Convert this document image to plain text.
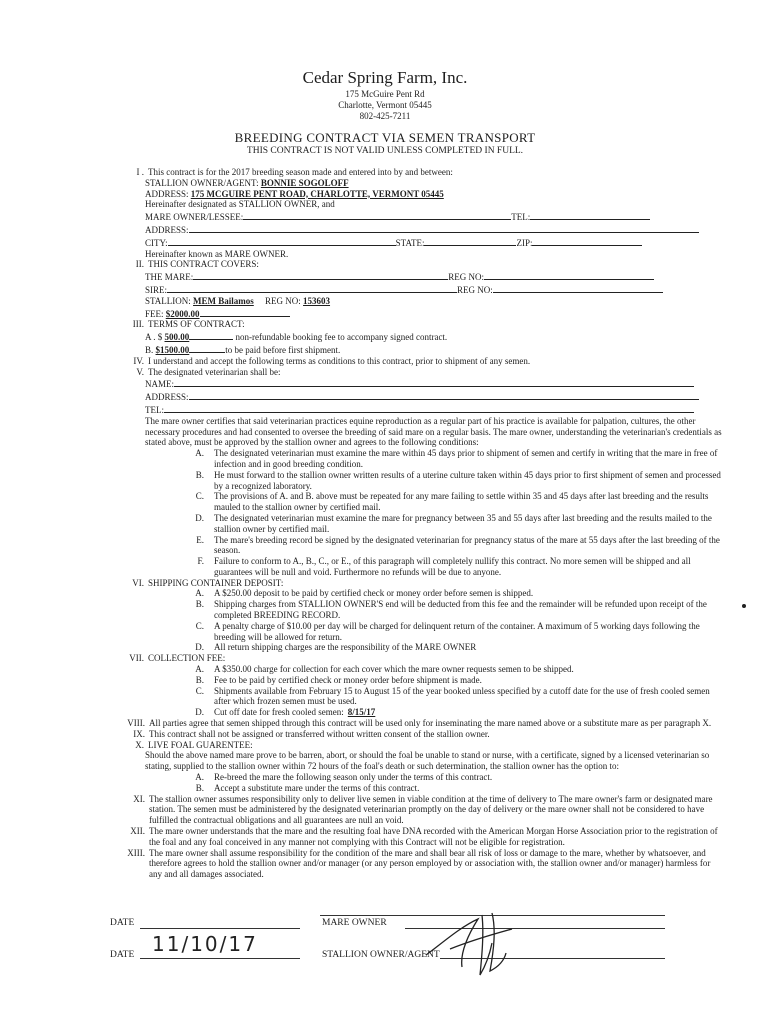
Cedar Spring Farm, Inc.
175 McGuire Pent Rd
Charlotte, Vermont 05445
802-425-7211
BREEDING CONTRACT VIA SEMEN TRANSPORT
THIS CONTRACT IS NOT VALID UNLESS COMPLETED IN FULL.
I . This contract is for the 2017 breeding season made and entered into by and between:
STALLION OWNER/AGENT: BONNIE SOGOLOFF
ADDRESS: 175 MCGUIRE PENT ROAD, CHARLOTTE, VERMONT 05445
Hereinafter designated as STALLION OWNER, and
MARE OWNER/LESSEE:	TEL:
ADDRESS:
CITY:	STATE:	ZIP:
Hereinafter known as MARE OWNER.
II. THIS CONTRACT COVERS:
THE MARE:	REG NO:
SIRE:	REG NO:
STALLION: MEM Bailamos REG NO: 153603
FEE: $2000.00
III. TERMS OF CONTRACT:
A . $ 500.00	non-refundable booking fee to accompany signed contract.
B. $1500.00	to be paid before first shipment.
IV. I understand and accept the following terms as conditions to this contract, prior to shipment of any semen.
V. The designated veterinarian shall be:
NAME:
ADDRESS:
TEL:
The mare owner certifies that said veterinarian practices equine reproduction as a regular part of his practice is available for palpation, cultures, the other necessary procedures and had consented to oversee the breeding of said mare on a regular basis. The mare owner, understanding the veterinarian's credentials as stated above, must be approved by the stallion owner and agrees to the following conditions:
A.	The designated veterinarian must examine the mare within 45 days prior to shipment of semen and certify in writing that the mare in free of infection and in good breeding condition.
B.	He must forward to the stallion owner written results of a uterine culture taken within 45 days prior to first shipment of semen and processed by a recognized laboratory.
C.	The provisions of A. and B. above must be repeated for any mare failing to settle within 35 and 45 days after last breeding and the results mauled to the stallion owner by certified mail.
D.	The designated veterinarian must examine the mare for pregnancy between 35 and 55 days after last breeding and the results mailed to the stallion owner by certified mail.
E.	The mare's breeding record be signed by the designated veterinarian for pregnancy status of the mare at 55 days after the last breeding of the season.
F.	Failure to conform to A., B., C., or E., of this paragraph will completely nullify this contract. No more semen will be shipped and all guarantees will be null and void. Furthermore no refunds will be due to anyone.
VI. SHIPPING CONTAINER DEPOSIT:
A.	A $250.00 deposit to be paid by certified check or money order before semen is shipped.
B.	Shipping charges from STALLION OWNER'S end will be deducted from this fee and the remainder will be refunded upon receipt of the completed BREEDING RECORD.
C.	A penalty charge of $10.00 per day will be charged for delinquent return of the container. A maximum of 5 working days following the breeding will be allowed for return.
D.	All return shipping charges are the responsibility of the MARE OWNER
VII. COLLECTION FEE:
A.	A $350.00 charge for collection for each cover which the mare owner requests semen to be shipped.
B.	Fee to be paid by certified check or money order before shipment is made.
C.	Shipments available from February 15 to August 15 of the year booked unless specified by a cutoff date for the use of fresh cooled semen after which frozen semen must be used.
D.	Cut off date for fresh cooled semen: 8/15/17
VIII. All parties agree that semen shipped through this contract will be used only for inseminating the mare named above or a substitute mare as per paragraph X.
IX. This contract shall not be assigned or transferred without written consent of the stallion owner.
X. LIVE FOAL GUARENTEE:
Should the above named mare prove to be barren, abort, or should the foal be unable to stand or nurse, with a certificate, signed by a licensed veterinarian so stating, supplied to the stallion owner within 72 hours of the foal's death or such determination, the stallion owner has the option to:
A.	Re-breed the mare the following season only under the terms of this contract.
B.	Accept a substitute mare under the terms of this contract.
XI. The stallion owner assumes responsibility only to deliver live semen in viable condition at the time of delivery to The mare owner's farm or designated mare station. The semen must be administered by the designated veterinarian promptly on the day of delivery or the mare owner shall not be considered to have fulfilled the contractual obligations and all guarantees are null an void.
XII. The mare owner understands that the mare and the resulting foal have DNA recorded with the American Morgan Horse Association prior to the registration of the foal and any foal conceived in any manner not complying with this Contract will not be eligible for registration.
XIII. The mare owner shall assume responsibility for the condition of the mare and shall bear all risk of loss or damage to the mare, whether by whatsoever, and therefore agrees to hold the stallion owner and/or manager (or any person employed by or association with, the stallion owner and/or manager) harmless for any and all damages associated.
DATE	MARE OWNER
DATE 11/10/17	STALLION OWNER/AGENT
